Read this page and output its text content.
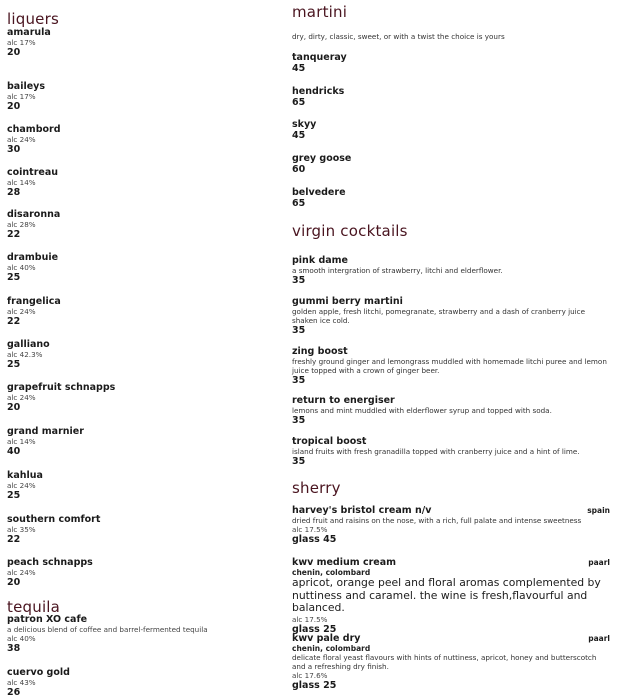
liquers
amarula
alc 17%
20
baileys
alc 17%
20
chambord
alc 24%
30
cointreau
alc 14%
28
disaronna
alc 28%
22
drambuie
alc 40%
25
frangelica
alc 24%
22
galliano
alc 42.3%
25
grapefruit schnapps
alc 24%
20
grand marnier
alc 14%
40
kahlua
alc 24%
25
southern comfort
alc 35%
22
peach schnapps
alc 24%
20
tequila
patron XO cafe
a delicious blend of coffee and barrel-fermented tequila
alc 40%
38
cuervo gold
alc 43%
26
martini
dry, dirty, classic, sweet, or with a twist the choice is yours
tanqueray
45
hendricks
65
skyy
45
grey goose
60
belvedere
65
virgin cocktails
pink dame
a smooth intergration of strawberry, litchi and elderflower.
35
gummi berry martini
golden apple, fresh litchi, pomegranate, strawberry and a dash of cranberry juice shaken ice cold.
35
zing boost
freshly ground ginger and lemongrass muddled with homemade litchi puree and lemon juice topped with a crown of ginger beer.
35
return to energiser
lemons and mint muddled with elderflower syrup and topped with soda.
35
tropical boost
island fruits with fresh granadilla topped with cranberry juice and a hint of lime.
35
sherry
harvey's bristol cream n/v	spain
dried fruit and raisins on the nose, with a rich, full palate and intense sweetness
alc 17.5%
glass 45
kwv medium cream	paarl
chenin, colombard
apricot, orange peel and floral aromas complemented by nuttiness and caramel. the wine is fresh,flavourful and balanced.
alc 17.5%
glass 25
kwv pale dry	paarl
chenin, colombard
delicate floral yeast flavours with hints of nuttiness, apricot, honey and butterscotch and a refreshing dry finish.
alc 17.6%
glass 25
